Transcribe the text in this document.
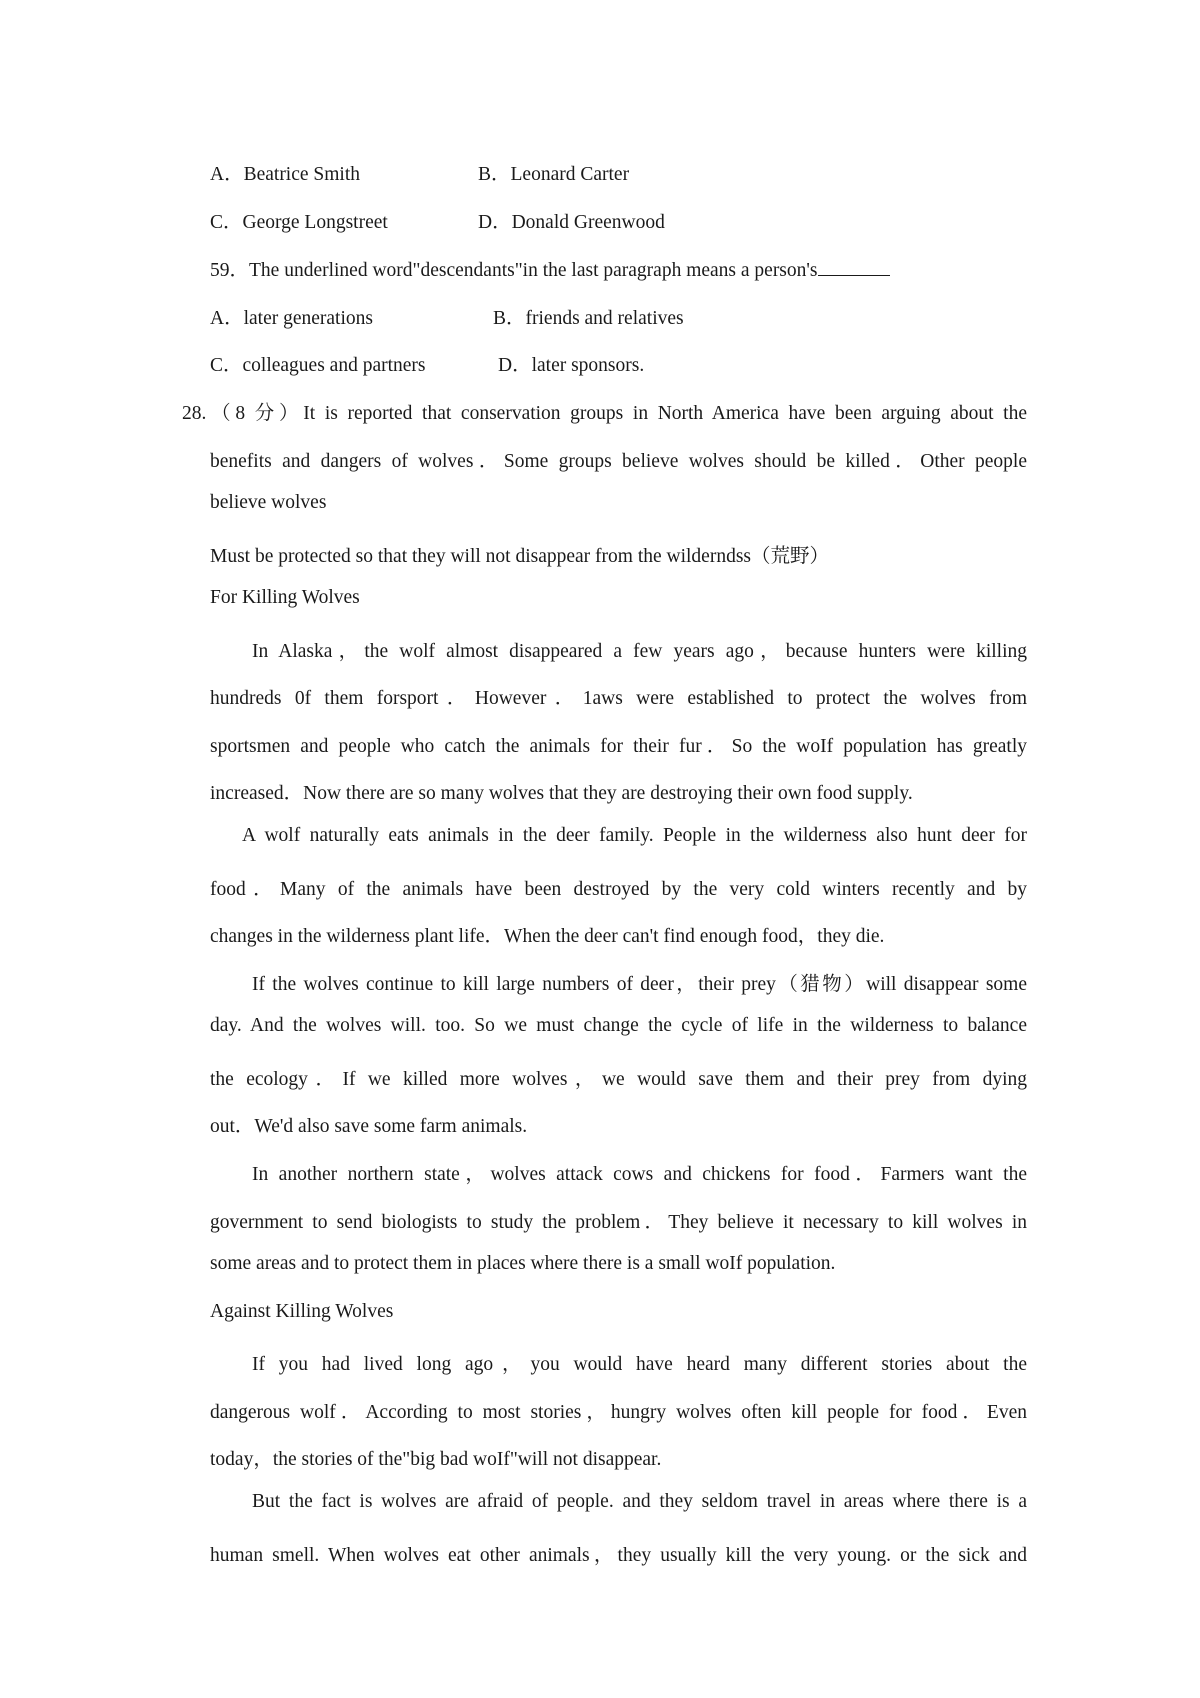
A．Beatrice Smith	B．Leonard Carter
C．George Longstreet	D．Donald Greenwood
59．The underlined word"descendants"in the last paragraph means a person's
A．later generations	B．friends and relatives
C．colleagues and partners	D．later sponsors.
28.（8 分）It is reported that conservation groups in North America have been arguing about the
benefits and dangers of wolves．Some groups believe wolves should be killed．Other people
believe wolves
Must be protected so that they will not disappear from the wilderndss（荒野）
For Killing Wolves
In Alaska，the wolf almost disappeared a few years ago，because hunters were killing
hundreds 0f them forsport．However．1aws were established to protect the wolves from
sportsmen and people who catch the animals for their fur．So the woIf population has greatly
increased．Now there are so many wolves that they are destroying their own food supply.
A wolf naturally eats animals in the deer family. People in the wilderness also hunt deer for
food．Many of the animals have been destroyed by the very cold winters recently and by
changes in the wilderness plant life．When the deer can't find enough food，they die.
If the wolves continue to kill large numbers of deer，their prey（猎物）will disappear some
day. And the wolves will. too. So we must change the cycle of life in the wilderness to balance
the ecology．If we killed more wolves，we would save them and their prey from dying
out．We'd also save some farm animals.
In another northern state，wolves attack cows and chickens for food．Farmers want the
government to send biologists to study the problem．They believe it necessary to kill wolves in
some areas and to protect them in places where there is a small woIf population.
Against Killing Wolves
If you had lived long ago，you would have heard many different stories about the
dangerous wolf．According to most stories，hungry wolves often kill people for food．Even
today，the stories of the"big bad woIf"will not disappear.
But the fact is wolves are afraid of people. and they seldom travel in areas where there is a
human smell. When wolves eat other animals，they usually kill the very young. or the sick and
